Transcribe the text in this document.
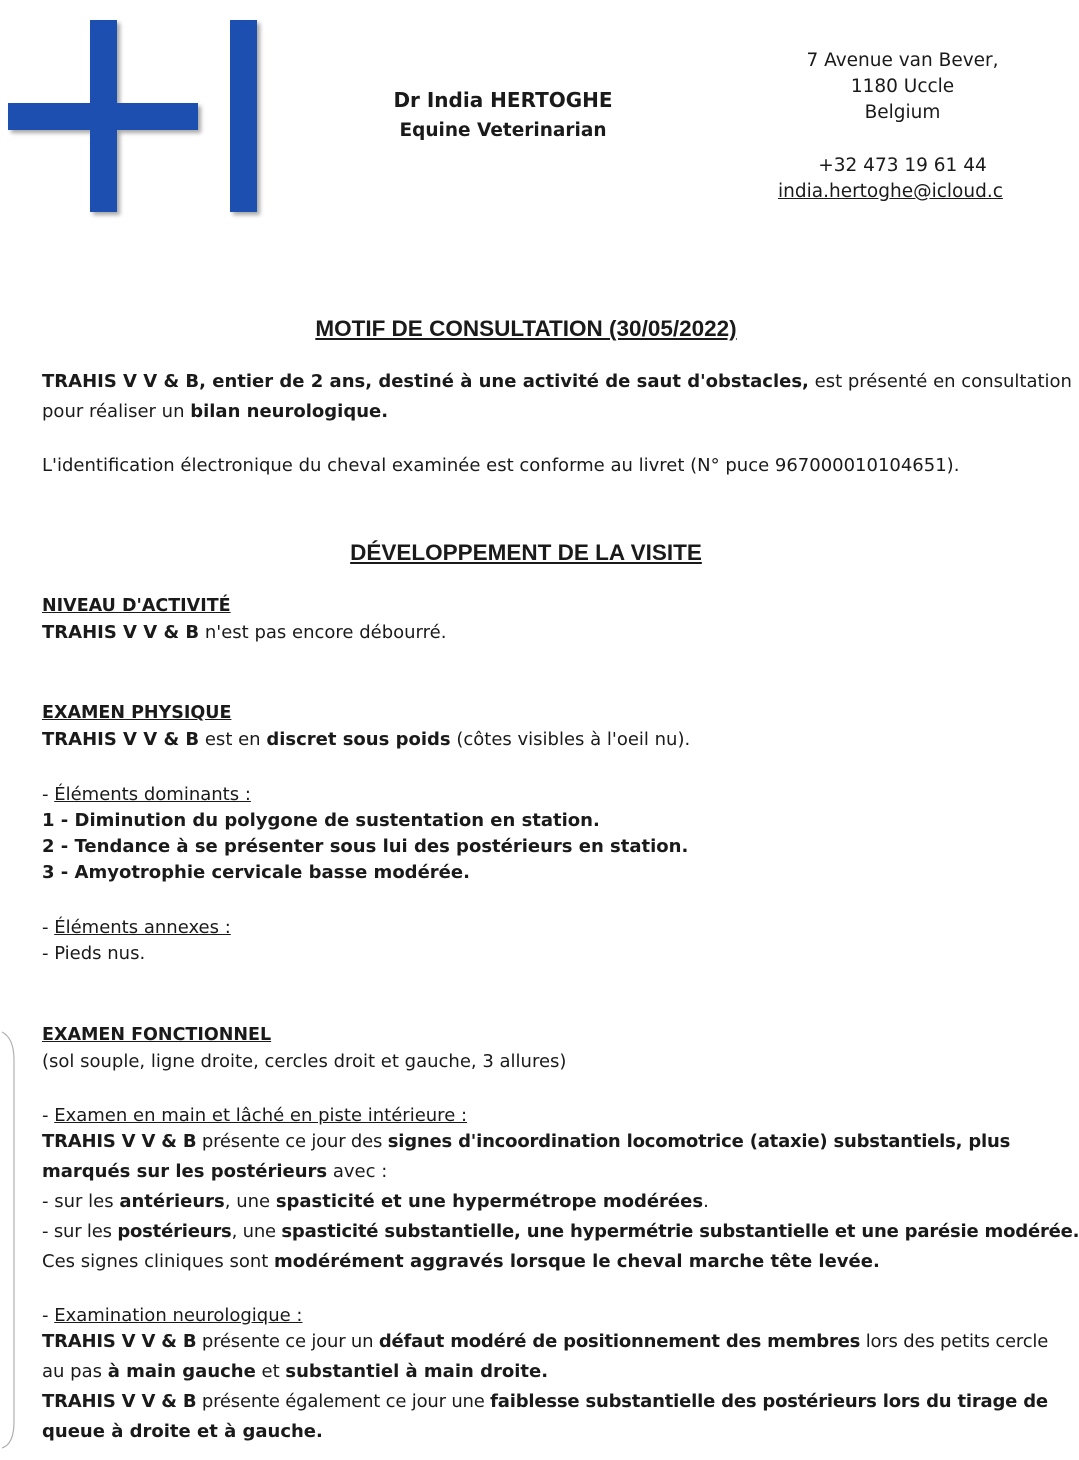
Dr India HERTOGHE
Equine Veterinarian
7 Avenue van Bever,
1180 Uccle
Belgium
+32 473 19 61 44
india.hertoghe@icloud.c
MOTIF DE CONSULTATION (30/05/2022)
TRAHIS V V & B, entier de 2 ans, destiné à une activité de saut d'obstacles, est présenté en consultation
pour réaliser un bilan neurologique.
L'identification électronique du cheval examinée est conforme au livret (N° puce 967000010104651).
DÉVELOPPEMENT DE LA VISITE
NIVEAU D'ACTIVITÉ
TRAHIS V V & B n'est pas encore débourré.
EXAMEN PHYSIQUE
TRAHIS V V & B est en discret sous poids (côtes visibles à l'oeil nu).
- Éléments dominants :
1 - Diminution du polygone de sustentation en station.
2 - Tendance à se présenter sous lui des postérieurs en station.
3 - Amyotrophie cervicale basse modérée.
- Éléments annexes :
- Pieds nus.
EXAMEN FONCTIONNEL
(sol souple, ligne droite, cercles droit et gauche, 3 allures)
- Examen en main et lâché en piste intérieure :
TRAHIS V V & B présente ce jour des signes d'incoordination locomotrice (ataxie) substantiels, plus
marqués sur les postérieurs avec :
- sur les antérieurs, une spasticité et une hypermétrope modérées.
- sur les postérieurs, une spasticité substantielle, une hypermétrie substantielle et une parésie modérée.
Ces signes cliniques sont modérément aggravés lorsque le cheval marche tête levée.
- Examination neurologique :
TRAHIS V V & B présente ce jour un défaut modéré de positionnement des membres lors des petits cercle
au pas à main gauche et substantiel à main droite.
TRAHIS V V & B présente également ce jour une faiblesse substantielle des postérieurs lors du tirage de
queue à droite et à gauche.
